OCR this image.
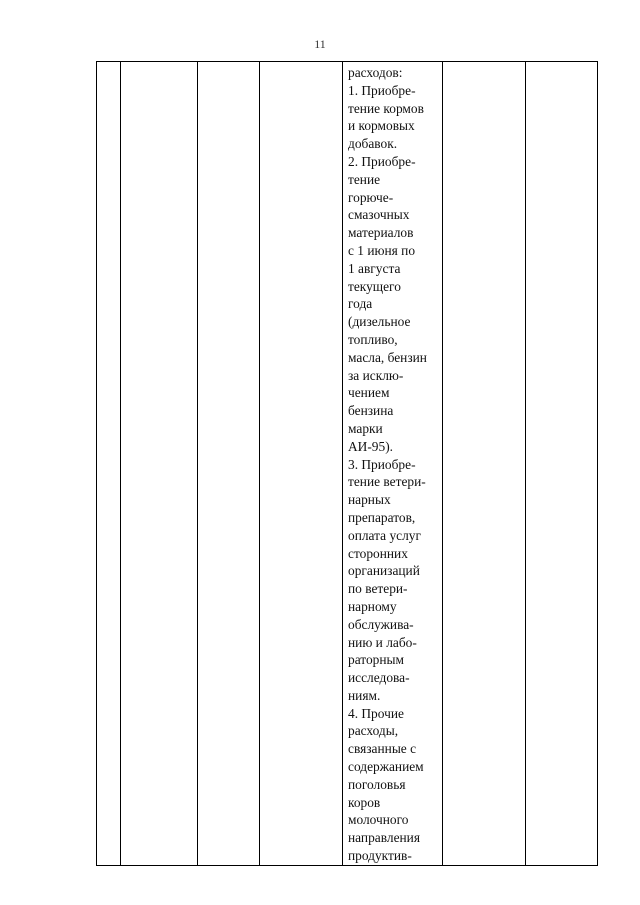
11

расходов:
1. Приобре-
тение кормов
и кормовых
добавок.
2. Приобре-
тение
горюче-
смазочных
материалов
с 1 июня по
1 августа
текущего
года
(дизельное
топливо,
масла, бензин
за исклю-
чением
бензина
марки
АИ-95).
3. Приобре-
тение ветери-
нарных
препаратов,
оплата услуг
сторонних
организаций
по ветери-
нарному
обслужива-
нию и лабо-
раторным
исследова-
ниям.
4. Прочие
расходы,
связанные с
содержанием
поголовья
коров
молочного
направления
продуктив-
